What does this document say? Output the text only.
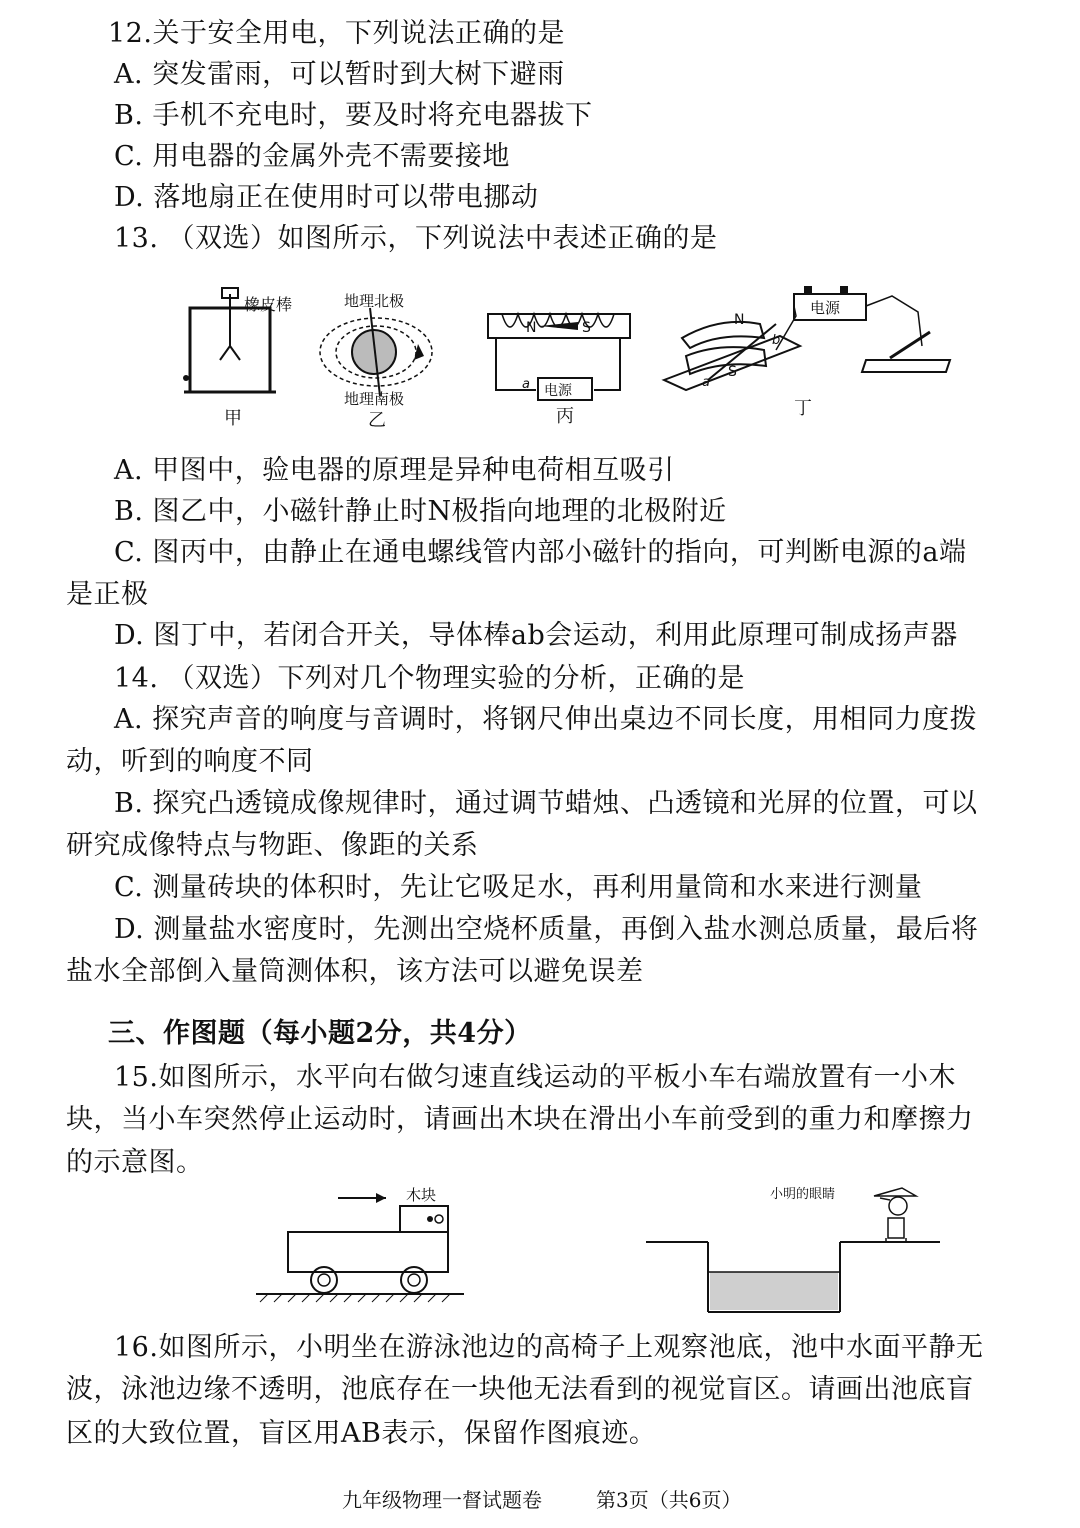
12.关于安全用电，下列说法正确的是
A. 突发雷雨，可以暂时到大树下避雨
B. 手机不充电时，要及时将充电器拔下
C. 用电器的金属外壳不需要接地
D. 落地扇正在使用时可以带电挪动
13. （双选）如图所示，下列说法中表述正确的是
橡皮棒
甲
地理北极
地理南极
乙
N	S
电源
a
丙
电源
N
S
a
b
丁
A. 甲图中，验电器的原理是异种电荷相互吸引
B. 图乙中，小磁针静止时N极指向地理的北极附近
C. 图丙中，由静止在通电螺线管内部小磁针的指向，可判断电源的a端
是正极
D. 图丁中，若闭合开关，导体棒ab会运动，利用此原理可制成扬声器
14. （双选）下列对几个物理实验的分析，正确的是
A. 探究声音的响度与音调时，将钢尺伸出桌边不同长度，用相同力度拨
动，听到的响度不同
B. 探究凸透镜成像规律时，通过调节蜡烛、凸透镜和光屏的位置，可以
研究成像特点与物距、像距的关系
C. 测量砖块的体积时，先让它吸足水，再利用量筒和水来进行测量
D. 测量盐水密度时，先测出空烧杯质量，再倒入盐水测总质量，最后将
盐水全部倒入量筒测体积，该方法可以避免误差
三、作图题（每小题2分，共4分）
15.如图所示，水平向右做匀速直线运动的平板小车右端放置有一小木
块，当小车突然停止运动时，请画出木块在滑出小车前受到的重力和摩擦力
的示意图。
木块	小明的眼睛
16.如图所示，小明坐在游泳池边的高椅子上观察池底，池中水面平静无
波，泳池边缘不透明，池底存在一块他无法看到的视觉盲区。请画出池底盲
区的大致位置，盲区用AB表示，保留作图痕迹。
九年级物理一督试题卷	第3页（共6页）
